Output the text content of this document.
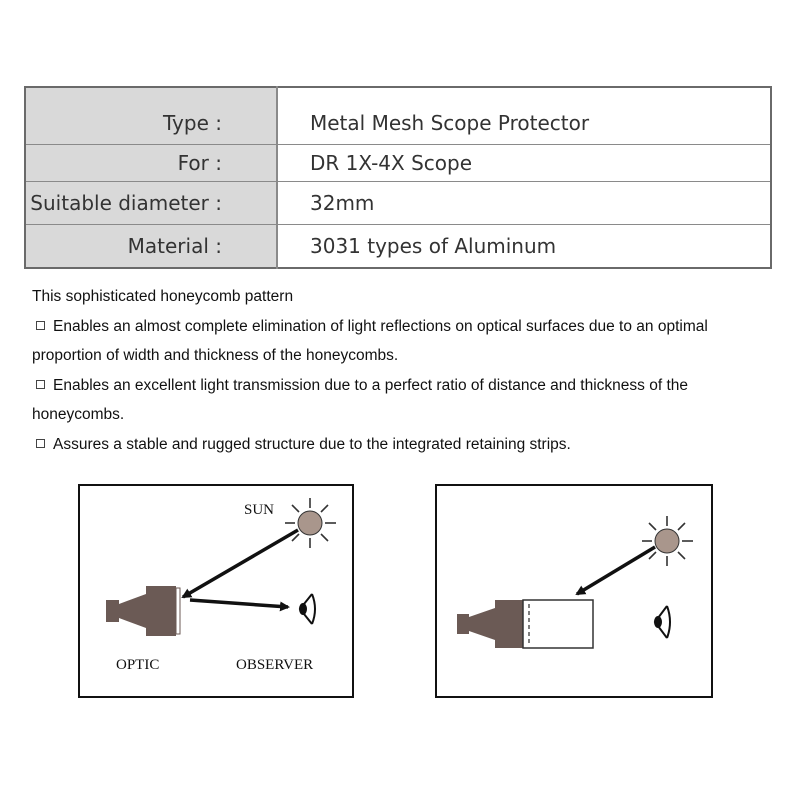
Type :	Metal Mesh Scope Protector
For :	DR 1X-4X Scope
Suitable diameter :	32mm
Material :	3031 types of Aluminum

This sophisticated honeycomb pattern

Enables an almost complete elimination of light reflections on optical surfaces due to an optimal proportion of width and thickness of the honeycombs.

Enables an excellent light transmission due to a perfect ratio of distance and thickness of the honeycombs.

Assures a stable and rugged structure due to the integrated retaining strips.

SUN
OPTIC	OBSERVER
